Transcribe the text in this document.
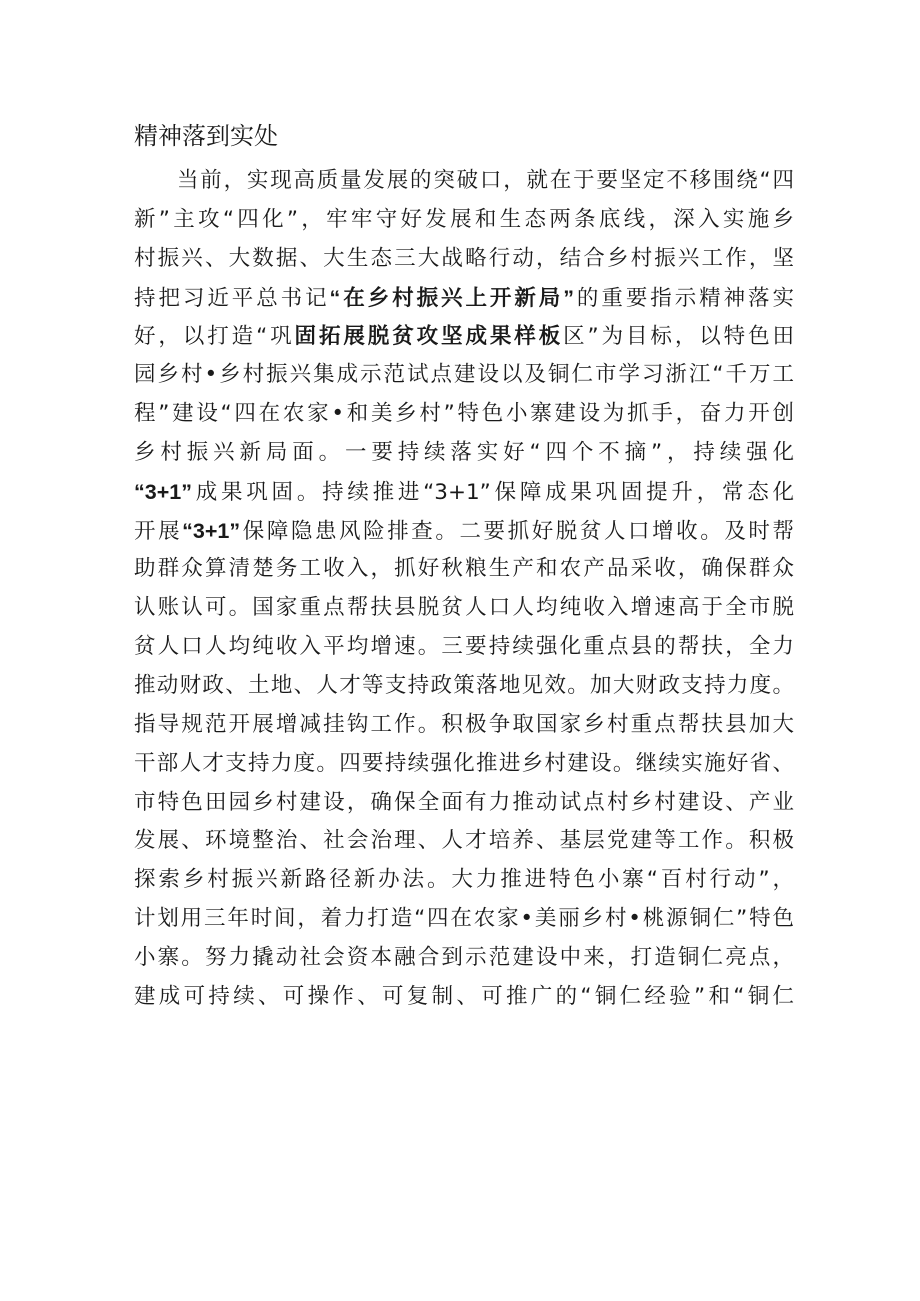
精神落到实处
当前，实现高质量发展的突破口，就在于要坚定不移围绕“四
新”主攻“四化”，牢牢守好发展和生态两条底线，深入实施乡
村振兴、大数据、大生态三大战略行动，结合乡村振兴工作，坚
持把习近平总书记“在乡村振兴上开新局”的重要指示精神落实
好，以打造“巩固拓展脱贫攻坚成果样板区”为目标，以特色田
园乡村•乡村振兴集成示范试点建设以及铜仁市学习浙江“千万工
程”建设“四在农家•和美乡村”特色小寨建设为抓手，奋力开创
乡村振兴新局面。一要持续落实好“四个不摘”，持续强化
“3+1”成果巩固。持续推进“3+1”保障成果巩固提升，常态化
开展“3+1”保障隐患风险排查。二要抓好脱贫人口增收。及时帮
助群众算清楚务工收入，抓好秋粮生产和农产品采收，确保群众
认账认可。国家重点帮扶县脱贫人口人均纯收入增速高于全市脱
贫人口人均纯收入平均增速。三要持续强化重点县的帮扶，全力
推动财政、土地、人才等支持政策落地见效。加大财政支持力度。
指导规范开展增减挂钩工作。积极争取国家乡村重点帮扶县加大
干部人才支持力度。四要持续强化推进乡村建设。继续实施好省、
市特色田园乡村建设，确保全面有力推动试点村乡村建设、产业
发展、环境整治、社会治理、人才培养、基层党建等工作。积极
探索乡村振兴新路径新办法。大力推进特色小寨“百村行动”，
计划用三年时间，着力打造“四在农家•美丽乡村•桃源铜仁”特色
小寨。努力撬动社会资本融合到示范建设中来，打造铜仁亮点，
建成可持续、可操作、可复制、可推广的“铜仁经验”和“铜仁
